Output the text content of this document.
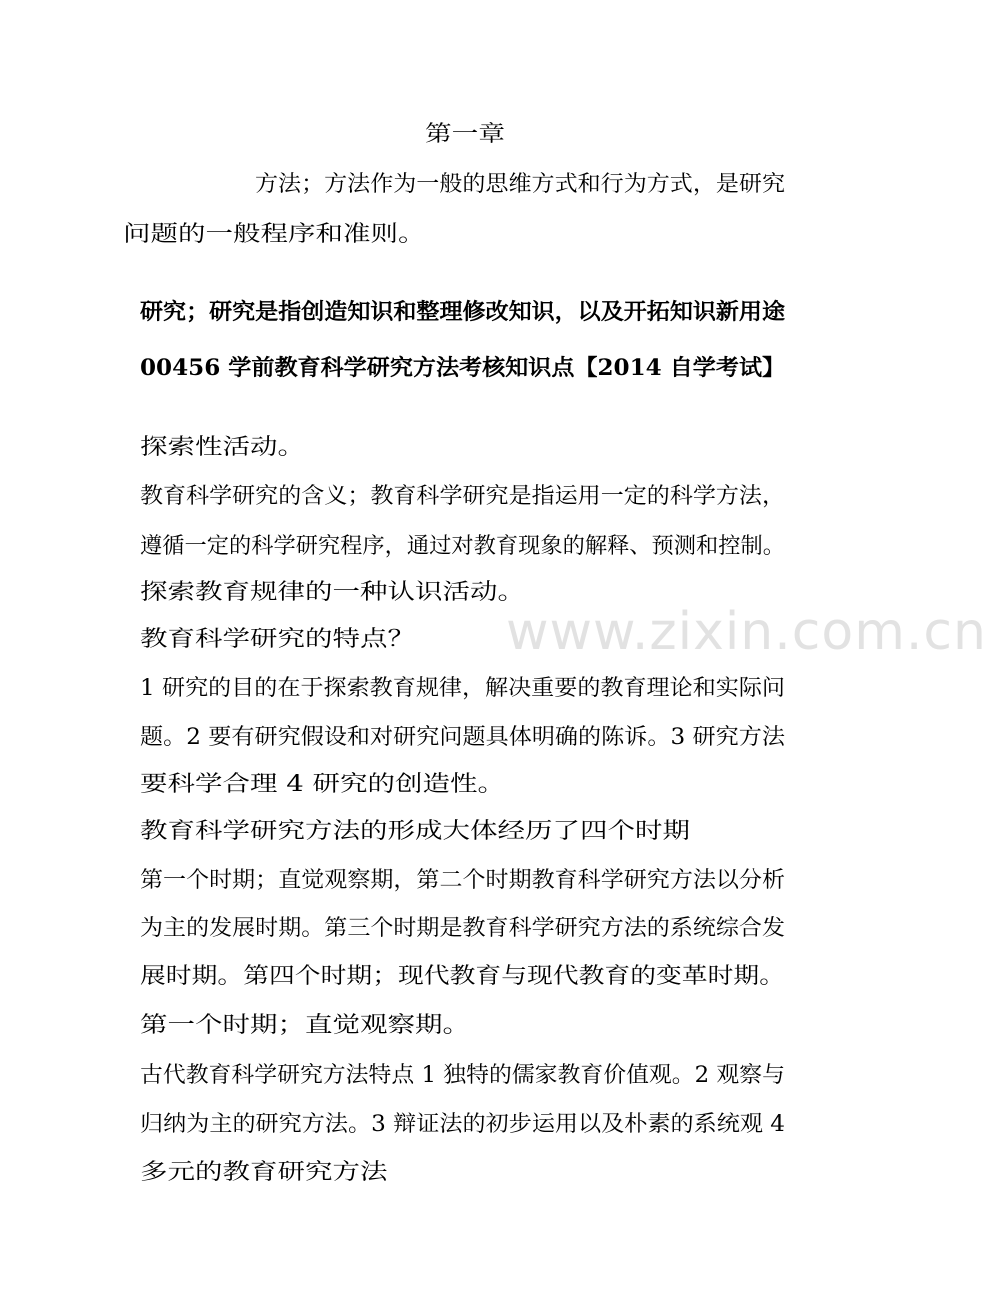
www.zixin.com.cn

第一章

方法；方法作为一般的思维方式和行为方式，是研究

问题的一般程序和准则。

研究；研究是指创造知识和整理修改知识，以及开拓知识新用途

00456 学前教育科学研究方法考核知识点【2014 自学考试】

探索性活动。

教育科学研究的含义；教育科学研究是指运用一定的科学方法，

遵循一定的科学研究程序，通过对教育现象的解释、预测和控制。

探索教育规律的一种认识活动。

教育科学研究的特点？

1 研究的目的在于探索教育规律，解决重要的教育理论和实际问

题。2 要有研究假设和对研究问题具体明确的陈诉。3 研究方法

要科学合理 4 研究的创造性。

教育科学研究方法的形成大体经历了四个时期

第一个时期；直觉观察期，第二个时期教育科学研究方法以分析

为主的发展时期。第三个时期是教育科学研究方法的系统综合发

展时期。第四个时期；现代教育与现代教育的变革时期。

第一个时期；直觉观察期。

古代教育科学研究方法特点 1 独特的儒家教育价值观。2 观察与

归纳为主的研究方法。3 辩证法的初步运用以及朴素的系统观 4

多元的教育研究方法
